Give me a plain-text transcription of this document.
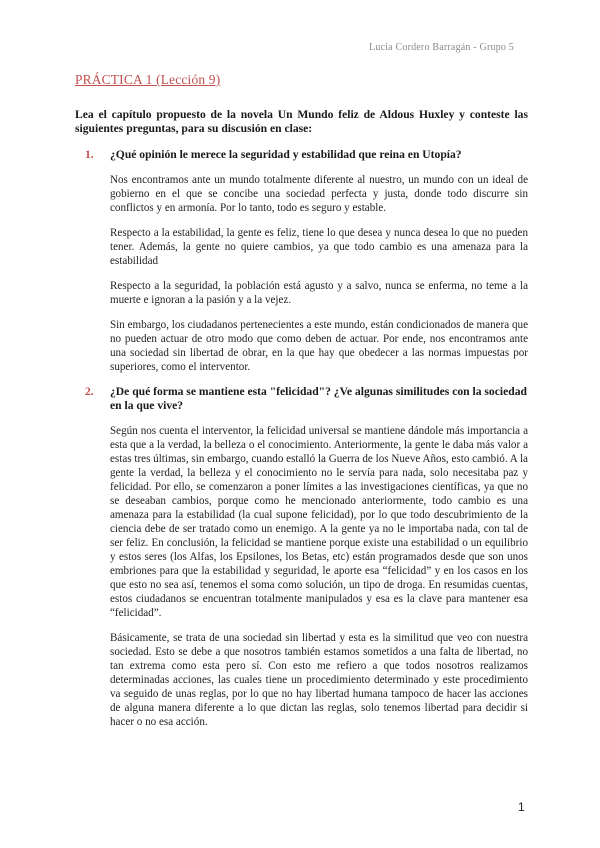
Lucía Cordero Barragán - Grupo 5
PRÁCTICA 1 (Lección 9)
Lea el capítulo propuesto de la novela Un Mundo feliz de Aldous Huxley y conteste las siguientes preguntas, para su discusión en clase:
1.	¿Qué opinión le merece la seguridad y estabilidad que reina en Utopía?
Nos encontramos ante un mundo totalmente diferente al nuestro, un mundo con un ideal de gobierno en el que se concibe una sociedad perfecta y justa, donde todo discurre sin conflictos y en armonía. Por lo tanto, todo es seguro y estable.
Respecto a la estabilidad, la gente es feliz, tiene lo que desea y nunca desea lo que no pueden tener. Además, la gente no quiere cambios, ya que todo cambio es una amenaza para la estabilidad
Respecto a la seguridad, la población está agusto y a salvo, nunca se enferma, no teme a la muerte e ignoran a la pasión y a la vejez.
Sin embargo, los ciudadanos pertenecientes a este mundo, están condicionados de manera que no pueden actuar de otro modo que como deben de actuar. Por ende, nos encontramos ante una sociedad sin libertad de obrar, en la que hay que obedecer a las normas impuestas por superiores, como el interventor.
2.	¿De qué forma se mantiene esta "felicidad"? ¿Ve algunas similitudes con la sociedad en la que vive?
Según nos cuenta el interventor, la felicidad universal se mantiene dándole más importancia a esta que a la verdad, la belleza o el conocimiento. Anteriormente, la gente le daba más valor a estas tres últimas, sin embargo, cuando estalló la Guerra de los Nueve Años, esto cambió. A la gente la verdad, la belleza y el conocimiento no le servía para nada, solo necesitaba paz y felicidad. Por ello, se comenzaron a poner límites a las investigaciones científicas, ya que no se deseaban cambios, porque como he mencionado anteriormente, todo cambio es una amenaza para la estabilidad (la cual supone felicidad), por lo que todo descubrimiento de la ciencia debe de ser tratado como un enemigo. A la gente ya no le importaba nada, con tal de ser feliz. En conclusión, la felicidad se mantiene porque existe una estabilidad o un equilibrio y estos seres (los Alfas, los Epsilones, los Betas, etc) están programados desde que son unos embriones para que la estabilidad y seguridad, le aporte esa “felicidad” y en los casos en los que esto no sea así, tenemos el soma como solución, un tipo de droga. En resumidas cuentas, estos ciudadanos se encuentran totalmente manipulados y esa es la clave para mantener esa “felicidad”.
Básicamente, se trata de una sociedad sin libertad y esta es la similitud que veo con nuestra sociedad. Esto se debe a que nosotros también estamos sometidos a una falta de libertad, no tan extrema como esta pero sí. Con esto me refiero a que todos nosotros realizamos determinadas acciones, las cuales tiene un procedimiento determinado y este procedimiento va seguido de unas reglas, por lo que no hay libertad humana tampoco de hacer las acciones de alguna manera diferente a lo que dictan las reglas, solo tenemos libertad para decidir si hacer o no esa acción.
1
